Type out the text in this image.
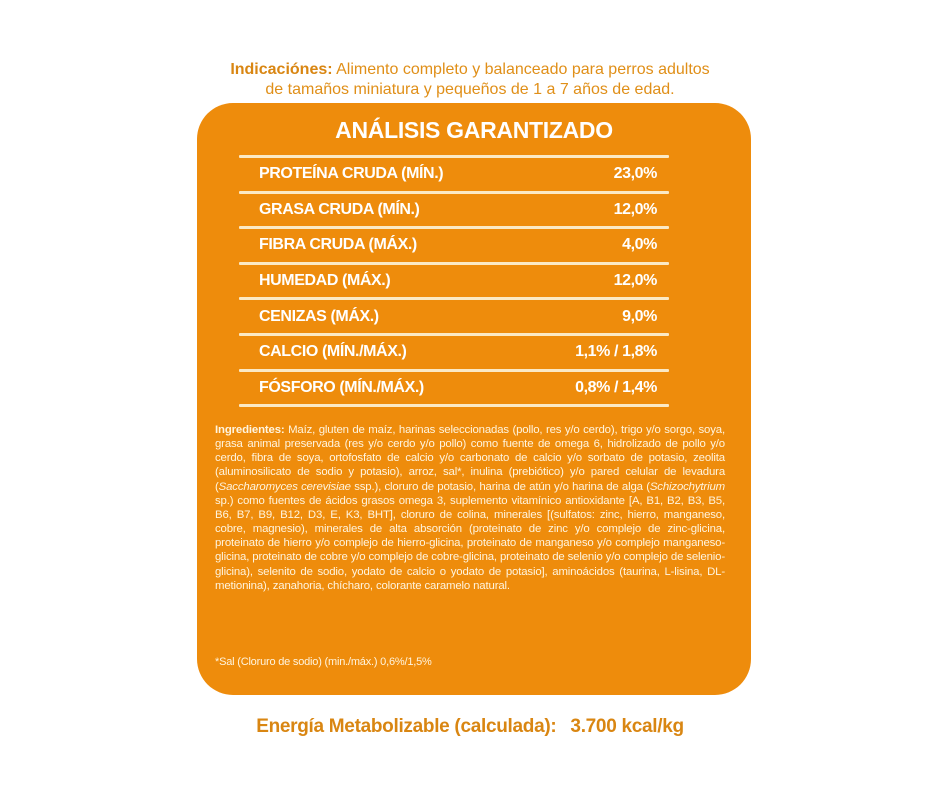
Indicaciónes: Alimento completo y balanceado para perros adultos
de tamaños miniatura y pequeños de 1 a 7 años de edad.
ANÁLISIS GARANTIZADO
PROTEÍNA CRUDA (MÍN.)	23,0%
GRASA CRUDA (MÍN.)	12,0%
FIBRA CRUDA (MÁX.)	4,0%
HUMEDAD (MÁX.)	12,0%
CENIZAS (MÁX.)	9,0%
CALCIO (MÍN./MÁX.)	1,1% / 1,8%
FÓSFORO (MÍN./MÁX.)	0,8% / 1,4%
Ingredientes: Maíz, gluten de maíz, harinas seleccionadas (pollo, res y/o cerdo), trigo y/o sorgo, soya, grasa animal preservada (res y/o cerdo y/o pollo) como fuente de omega 6, hidrolizado de pollo y/o cerdo, fibra de soya, ortofosfato de calcio y/o carbonato de calcio y/o sorbato de potasio, zeolita (aluminosilicato de sodio y potasio), arroz, sal*, inulina (prebiótico) y/o pared celular de levadura (Saccharomyces cerevisiae ssp.), cloruro de potasio, harina de atún y/o harina de alga (Schizochytrium sp.) como fuentes de ácidos grasos omega 3, suplemento vitamínico antioxidante [A, B1, B2, B3, B5, B6, B7, B9, B12, D3, E, K3, BHT], cloruro de colina, minerales [(sulfatos: zinc, hierro, manganeso, cobre, magnesio), minerales de alta absorción (proteinato de zinc y/o complejo de zinc-glicina, proteinato de hierro y/o complejo de hierro-glicina, proteinato de manganeso y/o complejo manganeso-glicina, proteinato de cobre y/o complejo de cobre-glicina, proteinato de selenio y/o complejo de selenio-glicina), selenito de sodio, yodato de calcio o yodato de potasio], aminoácidos (taurina, L-lisina, DL-metionina), zanahoria, chícharo, colorante caramelo natural.
*Sal (Cloruro de sodio) (min./máx.) 0,6%/1,5%
Energía Metabolizable (calculada): 3.700 kcal/kg
